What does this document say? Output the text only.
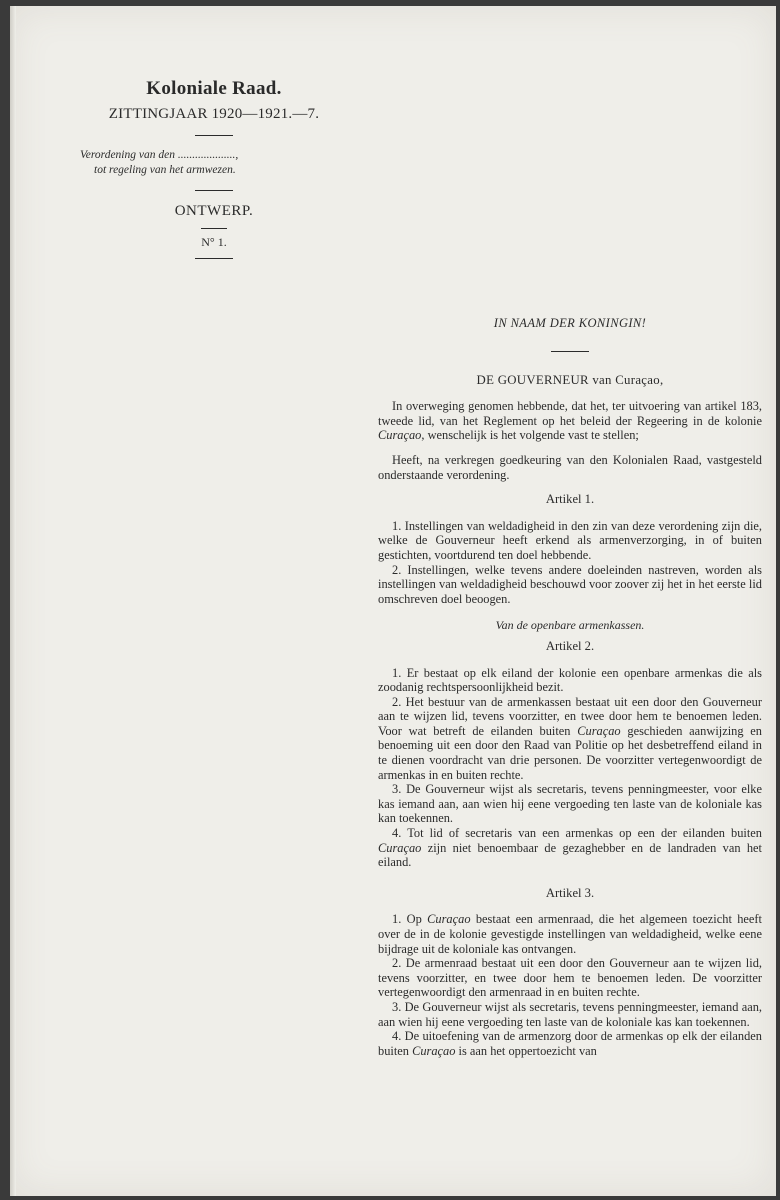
Koloniale Raad.
ZITTINGJAAR 1920—1921.—7.
Verordening van den ....................,
tot regeling van het armwezen.
ONTWERP.
N° 1.
IN NAAM DER KONINGIN!
DE GOUVERNEUR van Curaçao,

In overweging genomen hebbende, dat het, ter uitvoering van artikel 183, tweede lid, van het Reglement op het beleid der Regeering in de kolonie Curaçao, wenschelijk is het volgende vast te stellen;

Heeft, na verkregen goedkeuring van den Kolonialen Raad, vastgesteld onderstaande verordening.

Artikel 1.

1. Instellingen van weldadigheid in den zin van deze verordening zijn die, welke de Gouverneur heeft erkend als armenverzorging, in of buiten gestichten, voortdurend ten doel hebbende.

2. Instellingen, welke tevens andere doeleinden nastreven, worden als instellingen van weldadigheid beschouwd voor zoover zij het in het eerste lid omschreven doel beoogen.

Van de openbare armenkassen.
Artikel 2.

1. Er bestaat op elk eiland der kolonie een openbare armenkas die als zoodanig rechtspersoonlijkheid bezit.

2. Het bestuur van de armenkassen bestaat uit een door den Gouverneur aan te wijzen lid, tevens voorzitter, en twee door hem te benoemen leden. Voor wat betreft de eilanden buiten Curaçao geschieden aanwijzing en benoeming uit een door den Raad van Politie op het desbetreffend eiland in te dienen voordracht van drie personen. De voorzitter vertegenwoordigt de armenkas in en buiten rechte.

3. De Gouverneur wijst als secretaris, tevens penningmeester, voor elke kas iemand aan, aan wien hij eene vergoeding ten laste van de koloniale kas kan toekennen.

4. Tot lid of secretaris van een armenkas op een der eilanden buiten Curaçao zijn niet benoembaar de gezaghebber en de landraden van het eiland.

Artikel 3.

1. Op Curaçao bestaat een armenraad, die het algemeen toezicht heeft over de in de kolonie gevestigde instellingen van weldadigheid, welke eene bijdrage uit de koloniale kas ontvangen.

2. De armenraad bestaat uit een door den Gouverneur aan te wijzen lid, tevens voorzitter, en twee door hem te benoemen leden. De voorzitter vertegenwoordigt den armenraad in en buiten rechte.

3. De Gouverneur wijst als secretaris, tevens penningmeester, iemand aan, aan wien hij eene vergoeding ten laste van de koloniale kas kan toekennen.

4. De uitoefening van de armenzorg door de armenkas op elk der eilanden buiten Curaçao is aan het oppertoezicht van
